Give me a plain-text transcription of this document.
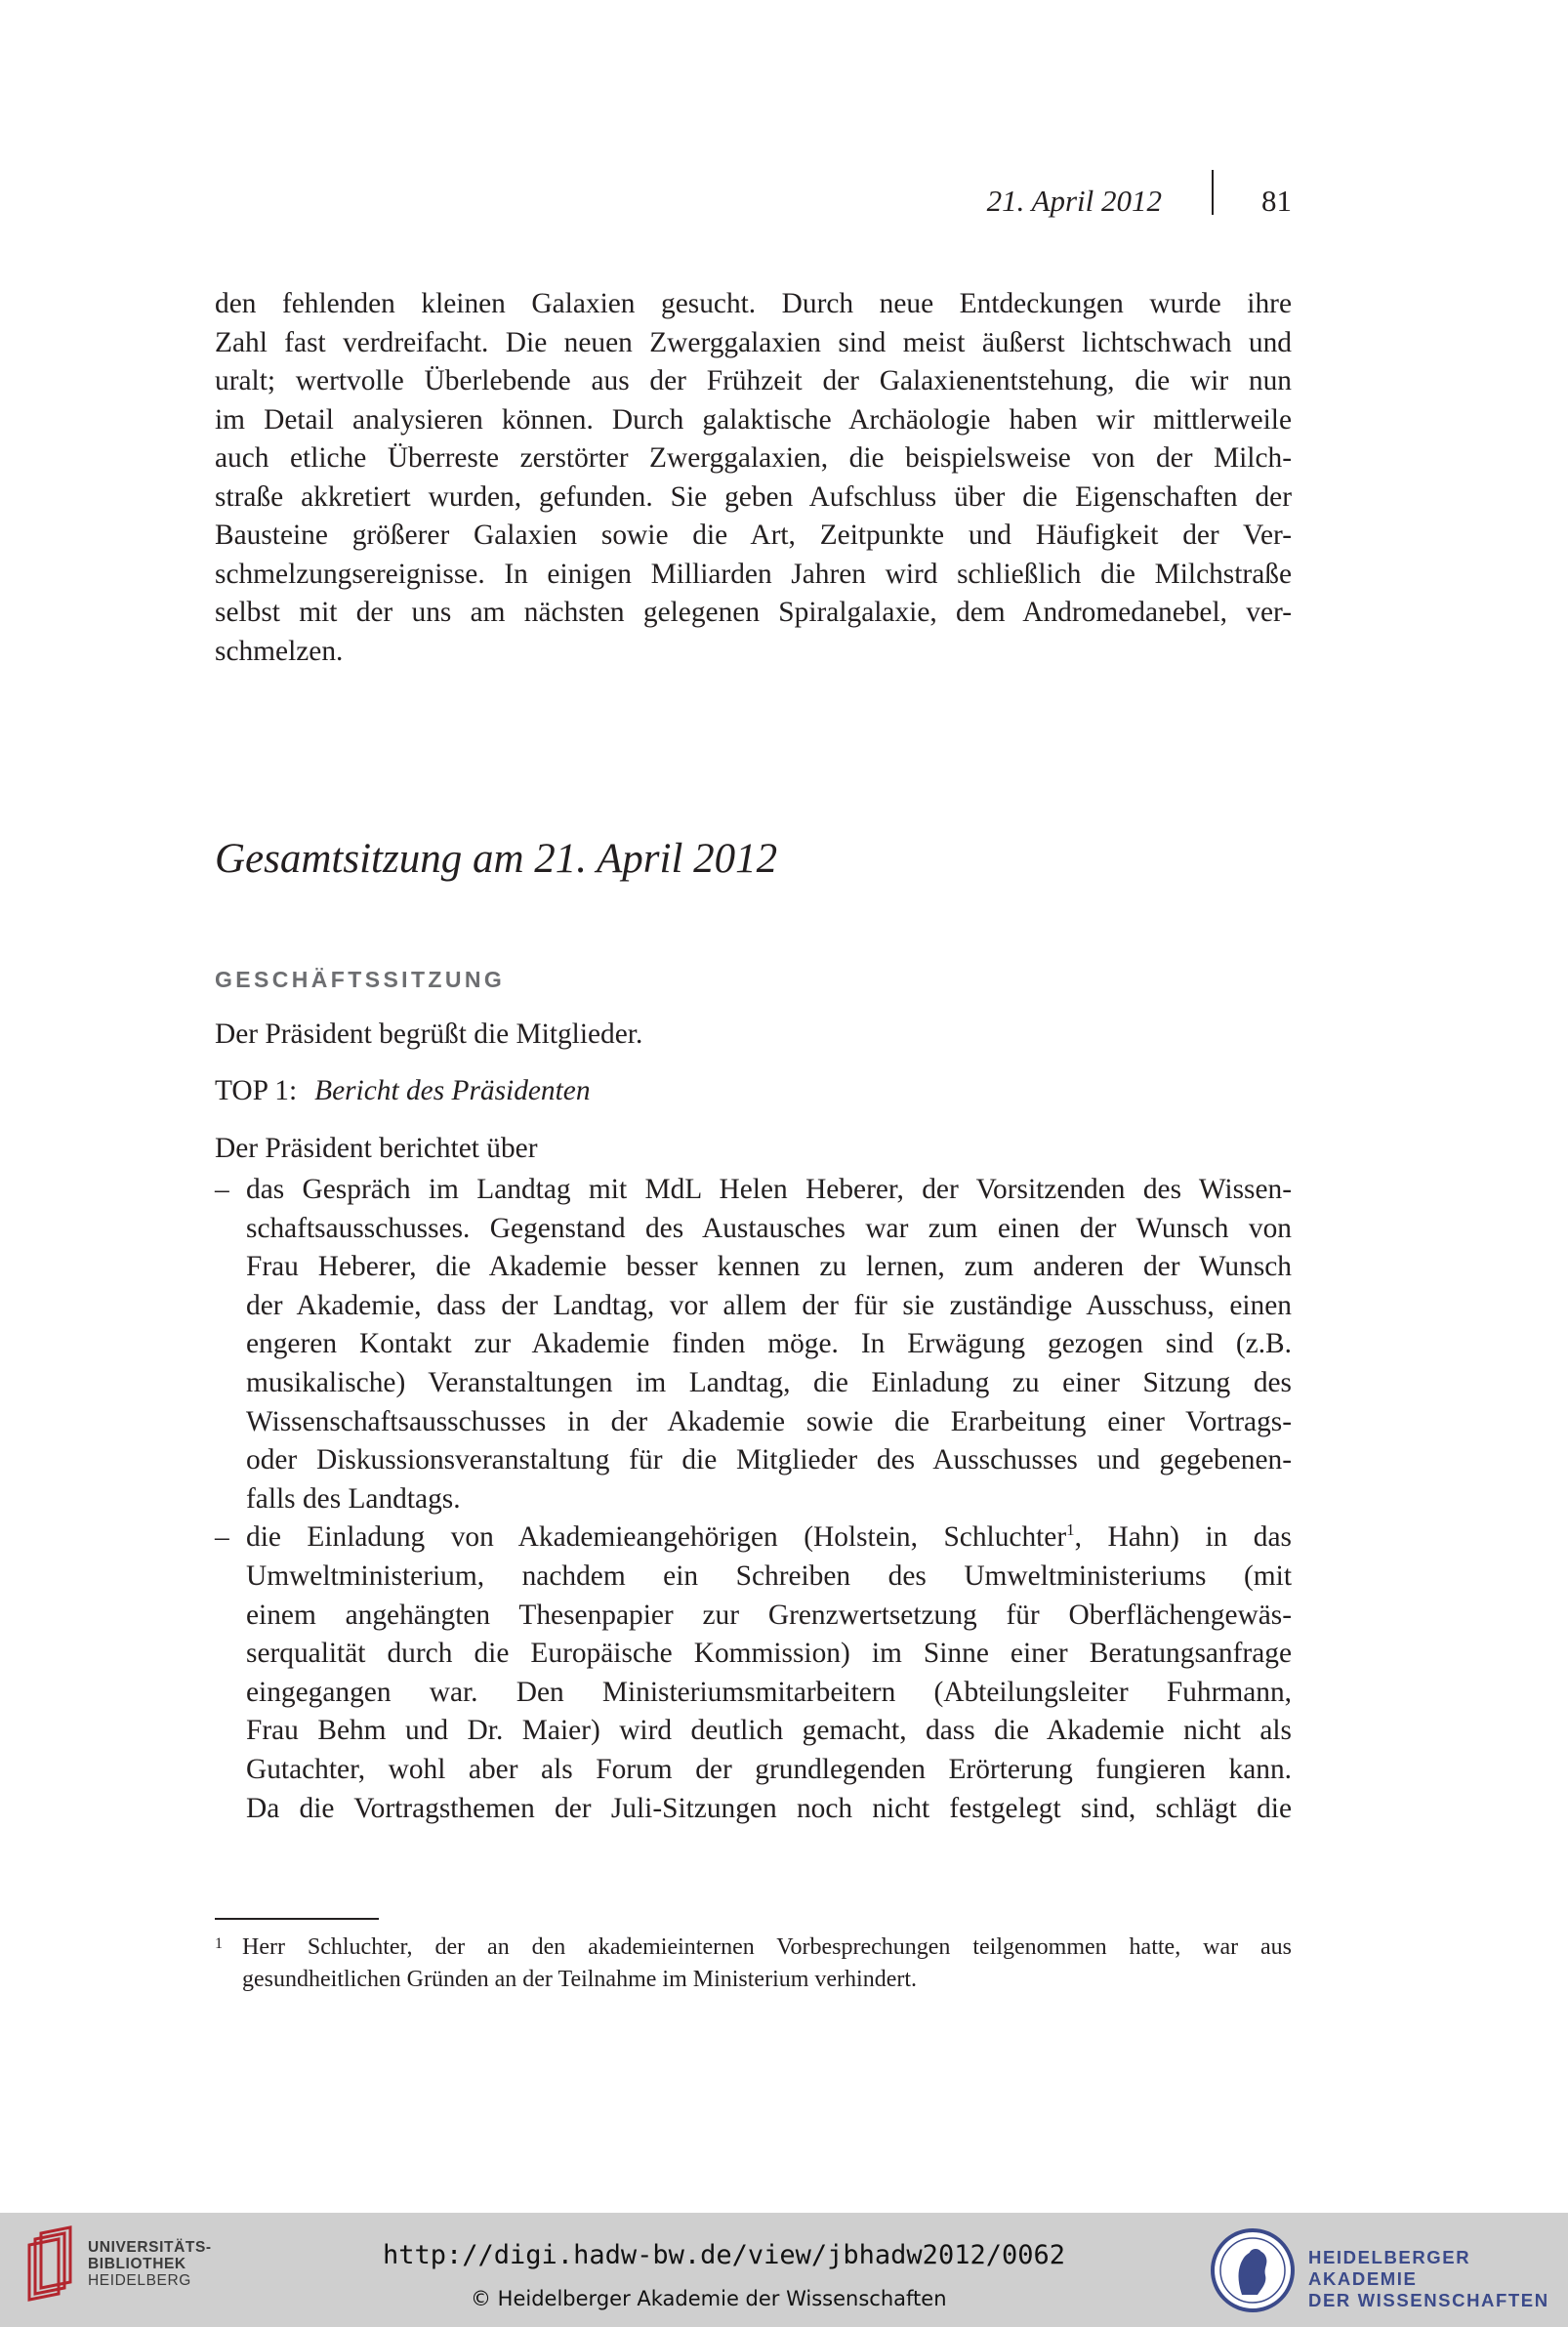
21. April 2012	81
den fehlenden kleinen Galaxien gesucht. Durch neue Entdeckungen wurde ihre
Zahl fast verdreifacht. Die neuen Zwerggalaxien sind meist äußerst lichtschwach und
uralt; wertvolle Überlebende aus der Frühzeit der Galaxienentstehung, die wir nun
im Detail analysieren können. Durch galaktische Archäologie haben wir mittlerweile
auch etliche Überreste zerstörter Zwerggalaxien, die beispielsweise von der Milch-
straße akkretiert wurden, gefunden. Sie geben Aufschluss über die Eigenschaften der
Bausteine größerer Galaxien sowie die Art, Zeitpunkte und Häufigkeit der Ver-
schmelzungsereignisse. In einigen Milliarden Jahren wird schließlich die Milchstraße
selbst mit der uns am nächsten gelegenen Spiralgalaxie, dem Andromedanebel, ver-
schmelzen.
Gesamtsitzung am 21. April 2012
GESCHÄFTSSITZUNG
Der Präsident begrüßt die Mitglieder.
TOP 1: Bericht des Präsidenten
Der Präsident berichtet über
– das Gespräch im Landtag mit MdL Helen Heberer, der Vorsitzenden des Wissen-
schaftsausschusses. Gegenstand des Austausches war zum einen der Wunsch von
Frau Heberer, die Akademie besser kennen zu lernen, zum anderen der Wunsch
der Akademie, dass der Landtag, vor allem der für sie zuständige Ausschuss, einen
engeren Kontakt zur Akademie finden möge. In Erwägung gezogen sind (z.B.
musikalische) Veranstaltungen im Landtag, die Einladung zu einer Sitzung des
Wissenschaftsausschusses in der Akademie sowie die Erarbeitung einer Vortrags-
oder Diskussionsveranstaltung für die Mitglieder des Ausschusses und gegebenen-
falls des Landtags.
– die Einladung von Akademieangehörigen (Holstein, Schluchter$^1$, Hahn) in das
Umweltministerium, nachdem ein Schreiben des Umweltministeriums (mit
einem angehängten Thesenpapier zur Grenzwertsetzung für Oberflächengewäs-
serqualität durch die Europäische Kommission) im Sinne einer Beratungsanfrage
eingegangen war. Den Ministeriumsmitarbeitern (Abteilungsleiter Fuhrmann,
Frau Behm und Dr. Maier) wird deutlich gemacht, dass die Akademie nicht als
Gutachter, wohl aber als Forum der grundlegenden Erörterung fungieren kann.
Da die Vortragsthemen der Juli-Sitzungen noch nicht festgelegt sind, schlägt die
1 Herr Schluchter, der an den akademieinternen Vorbesprechungen teilgenommen hatte, war aus
gesundheitlichen Gründen an der Teilnahme im Ministerium verhindert.
UNIVERSITÄTS-
BIBLIOTHEK
HEIDELBERG
http://digi.hadw-bw.de/view/jbhadw2012/0062
© Heidelberger Akademie der Wissenschaften
HEIDELBERGER AKADEMIE
DER WISSENSCHAFTEN
